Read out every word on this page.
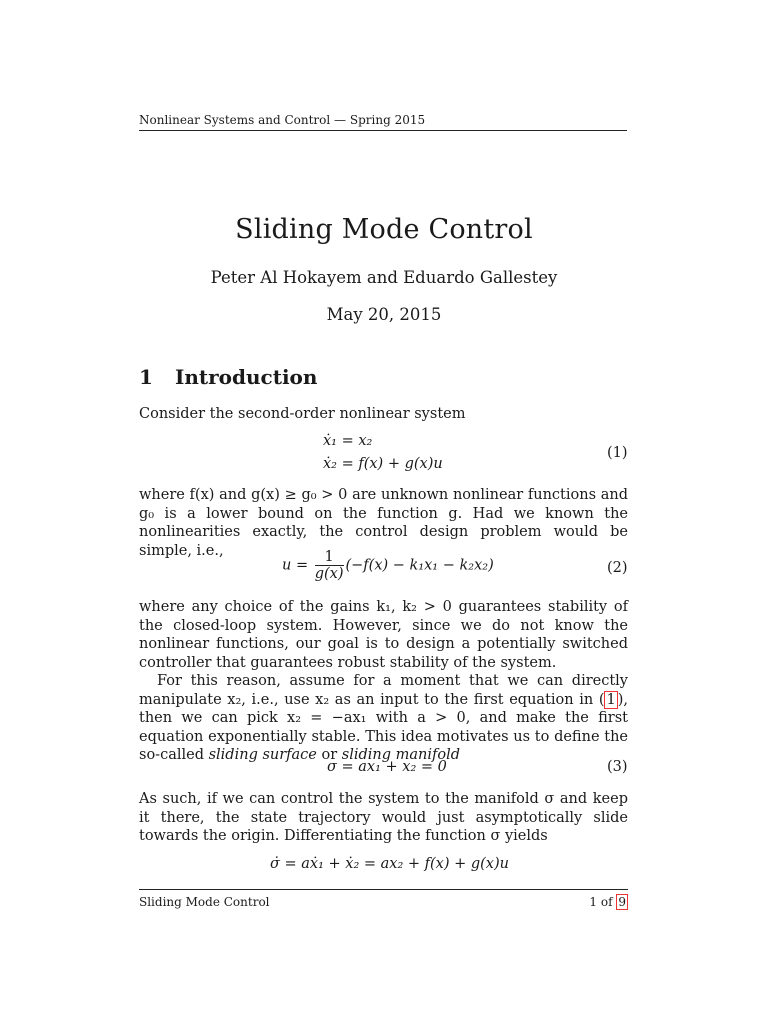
Nonlinear Systems and Control — Spring 2015
Sliding Mode Control
Peter Al Hokayem and Eduardo Gallestey
May 20, 2015
1 Introduction
Consider the second-order nonlinear system
ẋ₁ = x₂
ẋ₂ = f(x) + g(x)u
(1)
where f(x) and g(x) ≥ g₀ > 0 are unknown nonlinear functions and g₀ is a lower bound on the function g. Had we known the nonlinearities exactly, the control design problem would be simple, i.e.,
$u = \frac{1}{g(x)} (-f(x) - k_1x_1 - k_2x_2)$	(2)
where any choice of the gains k₁, k₂ > 0 guarantees stability of the closed-loop system. However, since we do not know the nonlinear functions, our goal is to design a potentially switched controller that guarantees robust stability of the system.
For this reason, assume for a moment that we can directly manipulate x₂, i.e., use x₂ as an input to the first equation in ( 1 ), then we can pick x₂ = −ax₁ with a > 0, and make the first equation exponentially stable. This idea motivates us to define the so-called sliding surface or sliding manifold
σ = ax₁ + x₂ = 0	(3)
As such, if we can control the system to the manifold σ and keep it there, the state trajectory would just asymptotically slide towards the origin. Differentiating the function σ yields
σ̇ = aẋ₁ + ẋ₂ = ax₂ + f(x) + g(x)u
Sliding Mode Control	1 of 9
